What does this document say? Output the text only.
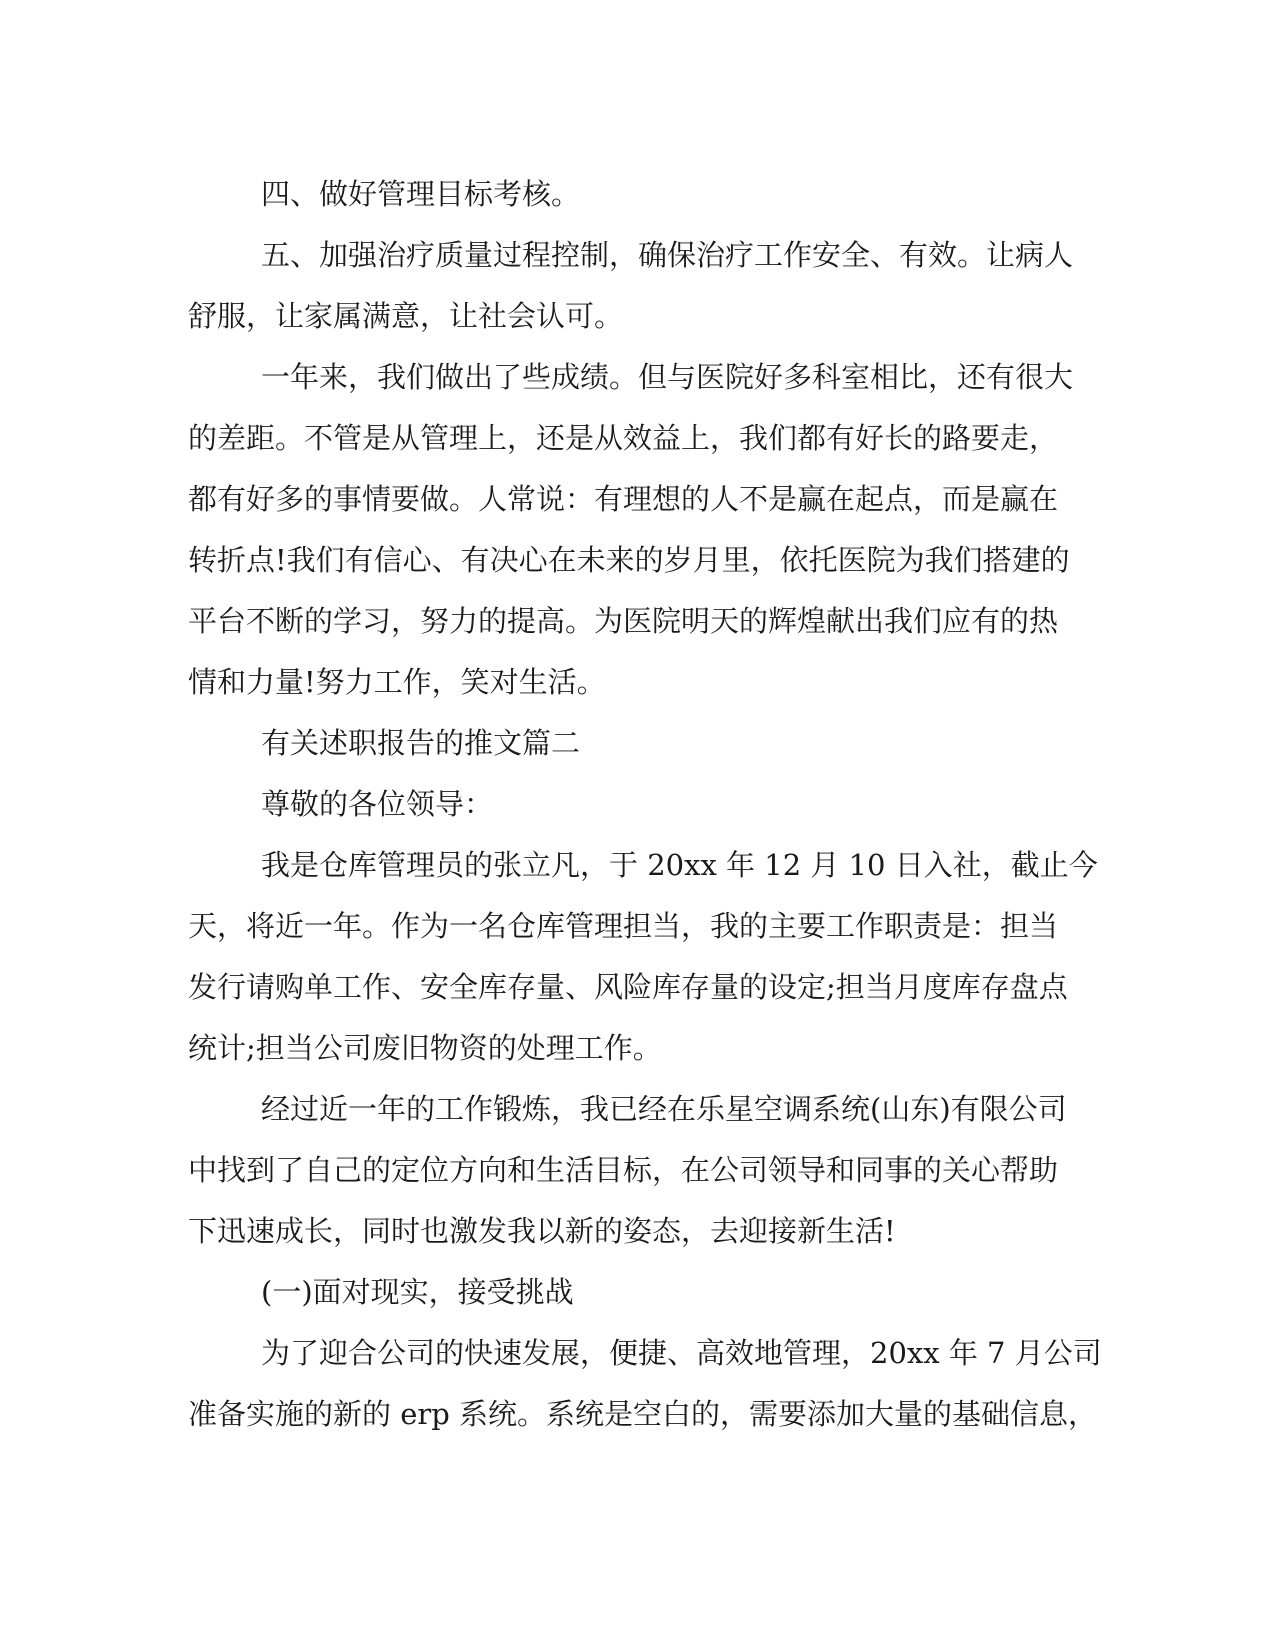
四、做好管理目标考核。
五、加强治疗质量过程控制，确保治疗工作安全、有效。让病人
舒服，让家属满意，让社会认可。
一年来，我们做出了些成绩。但与医院好多科室相比，还有很大
的差距。不管是从管理上，还是从效益上，我们都有好长的路要走，
都有好多的事情要做。人常说：有理想的人不是赢在起点，而是赢在
转折点!我们有信心、有决心在未来的岁月里，依托医院为我们搭建的
平台不断的学习，努力的提高。为医院明天的辉煌献出我们应有的热
情和力量!努力工作，笑对生活。
有关述职报告的推文篇二
尊敬的各位领导：
我是仓库管理员的张立凡，于 20xx 年 12 月 10 日入社，截止今
天，将近一年。作为一名仓库管理担当，我的主要工作职责是：担当
发行请购单工作、安全库存量、风险库存量的设定;担当月度库存盘点
统计;担当公司废旧物资的处理工作。
经过近一年的工作锻炼，我已经在乐星空调系统(山东)有限公司
中找到了自己的定位方向和生活目标，在公司领导和同事的关心帮助
下迅速成长，同时也激发我以新的姿态，去迎接新生活!
(一)面对现实，接受挑战
为了迎合公司的快速发展，便捷、高效地管理，20xx 年 7 月公司
准备实施的新的 erp 系统。系统是空白的，需要添加大量的基础信息，
